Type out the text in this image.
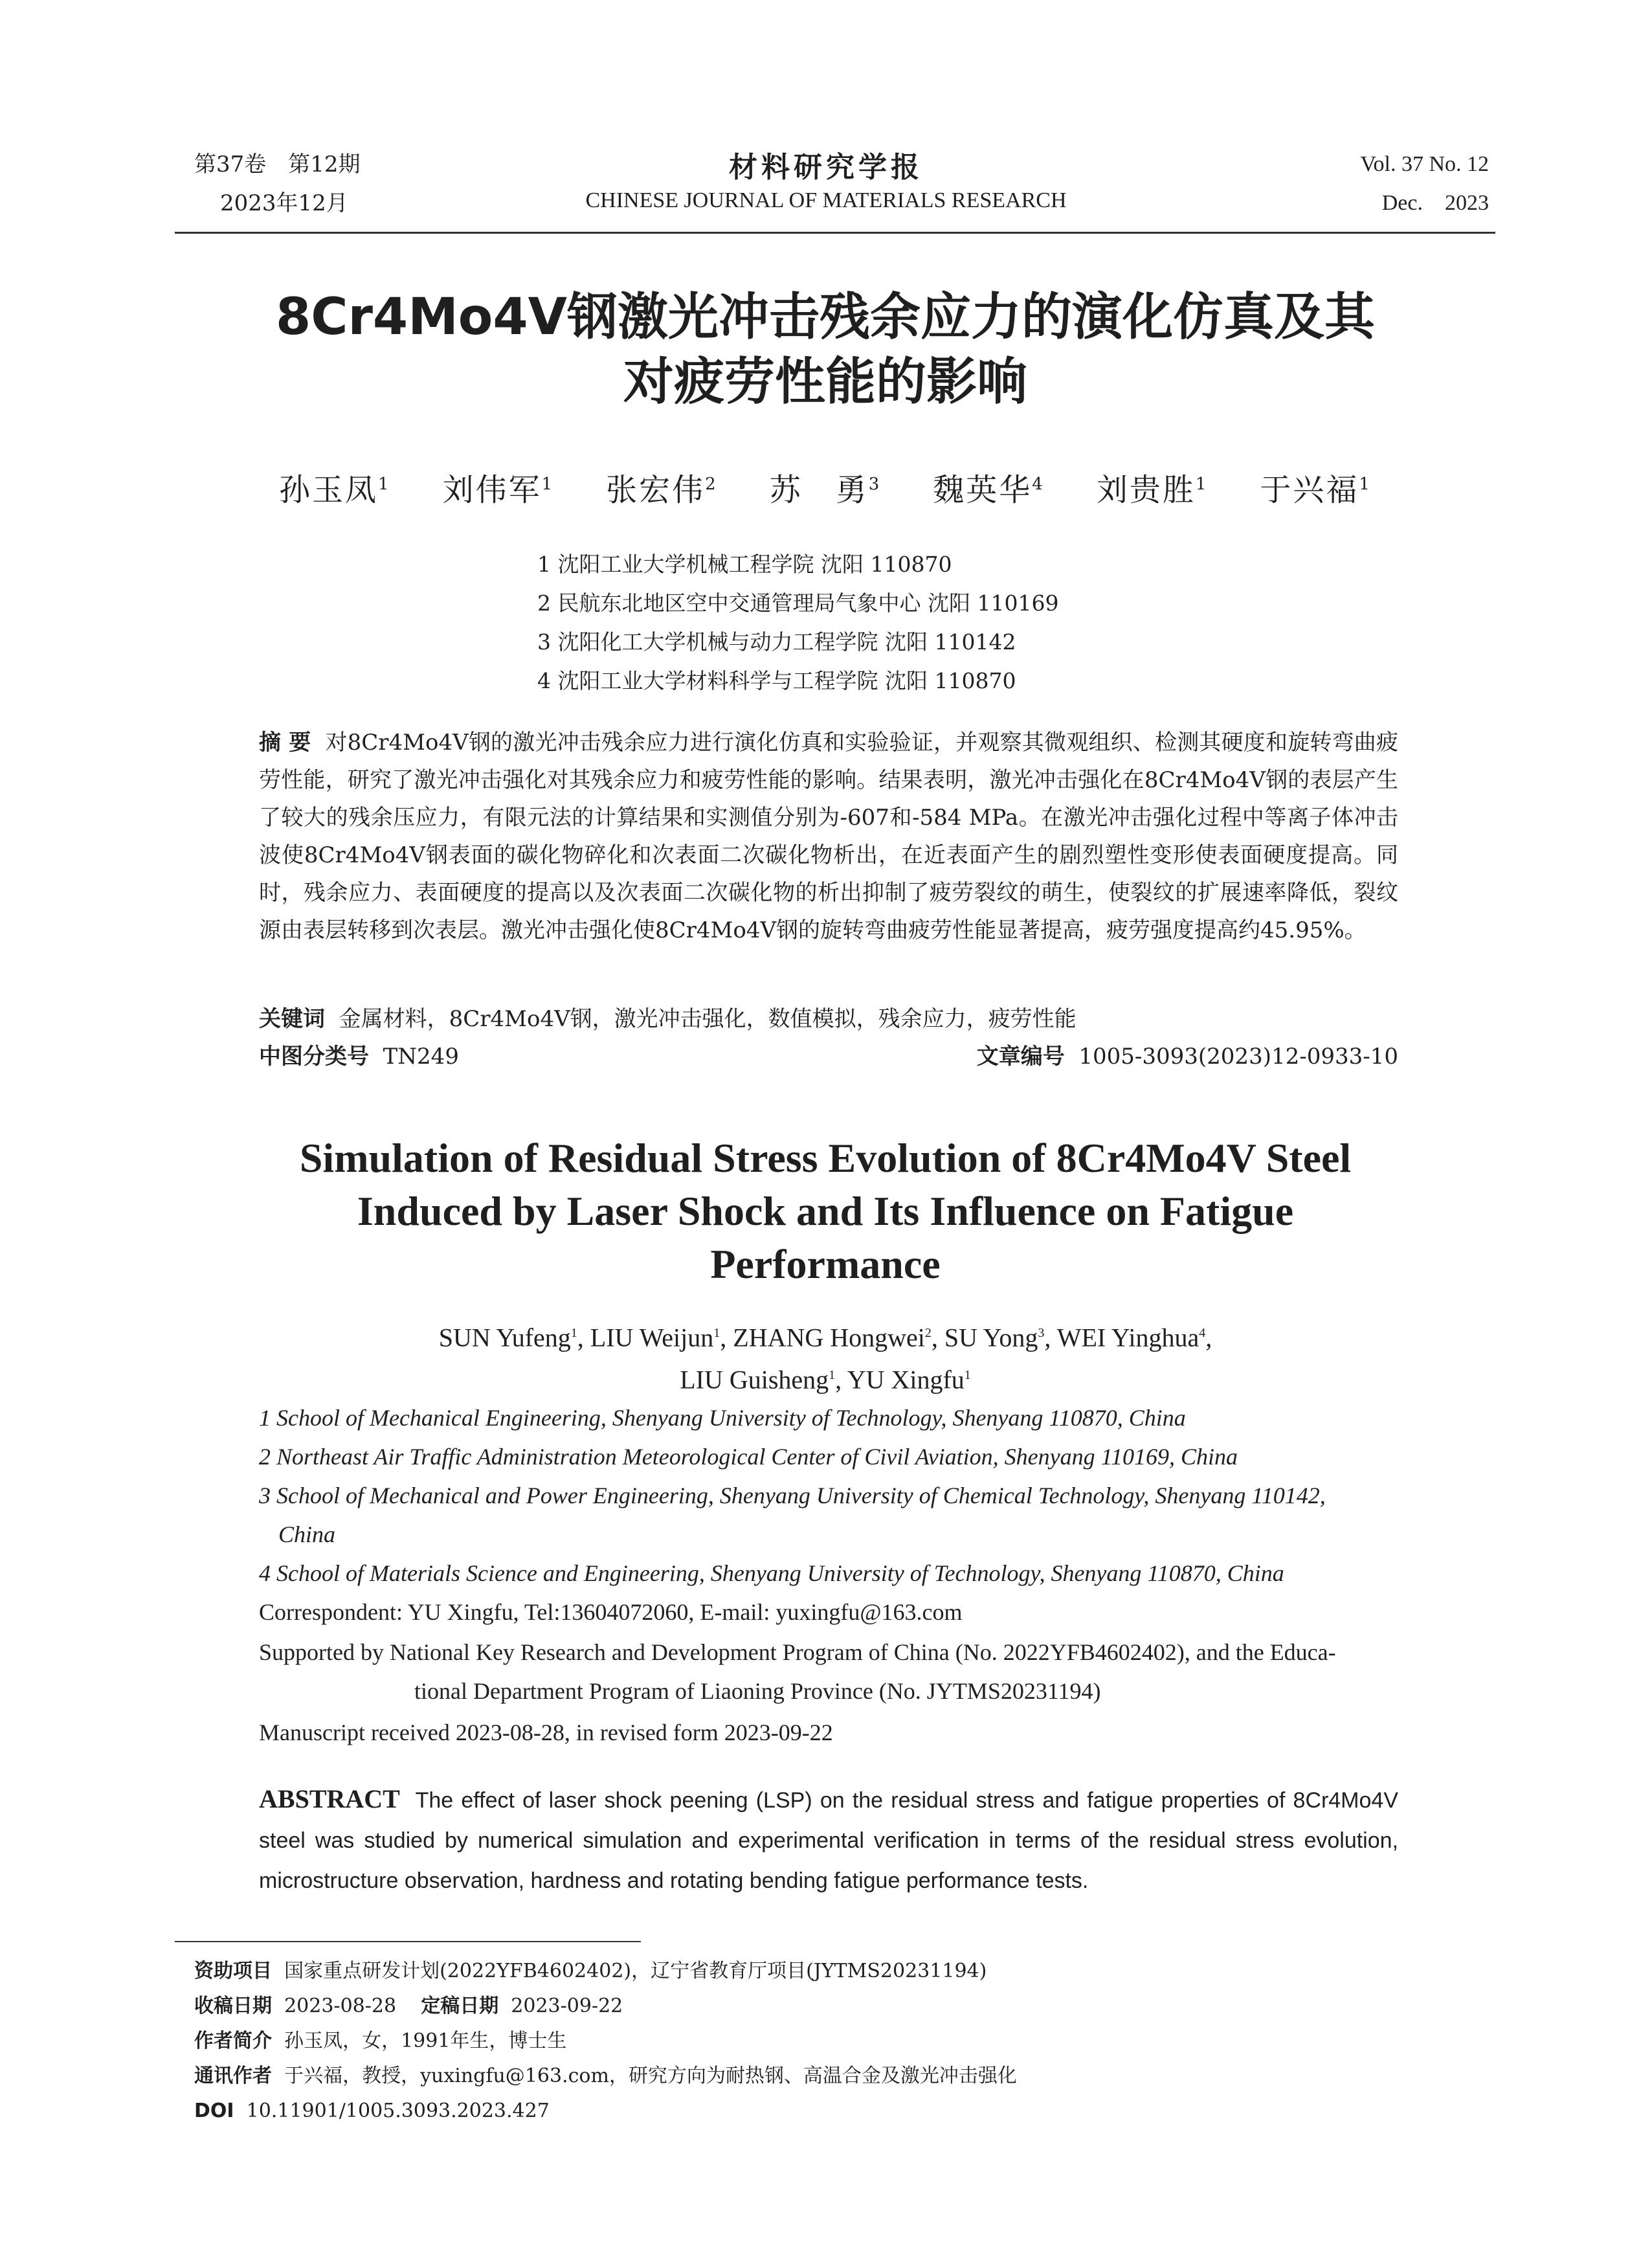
第37卷　第12期
2023年12月
材料研究学报
CHINESE JOURNAL OF MATERIALS RESEARCH
Vol. 37 No. 12
Dec.　2023
8Cr4Mo4V钢激光冲击残余应力的演化仿真及其
对疲劳性能的影响
孙玉凤$^1$ 刘伟军$^1$ 张宏伟$^2$ 苏　勇$^3$ 魏英华$^4$ 刘贵胜$^1$ 于兴福$^1$
1 沈阳工业大学机械工程学院 沈阳 110870
2 民航东北地区空中交通管理局气象中心 沈阳 110169
3 沈阳化工大学机械与动力工程学院 沈阳 110142
4 沈阳工业大学材料科学与工程学院 沈阳 110870
摘 要 对8Cr4Mo4V钢的激光冲击残余应力进行演化仿真和实验验证，并观察其微观组织、检测其硬度和旋转弯曲疲劳性能，研究了激光冲击强化对其残余应力和疲劳性能的影响。结果表明，激光冲击强化在8Cr4Mo4V钢的表层产生了较大的残余压应力，有限元法的计算结果和实测值分别为-607和-584 MPa。在激光冲击强化过程中等离子体冲击波使8Cr4Mo4V钢表面的碳化物碎化和次表面二次碳化物析出，在近表面产生的剧烈塑性变形使表面硬度提高。同时，残余应力、表面硬度的提高以及次表面二次碳化物的析出抑制了疲劳裂纹的萌生，使裂纹的扩展速率降低，裂纹源由表层转移到次表层。激光冲击强化使8Cr4Mo4V钢的旋转弯曲疲劳性能显著提高，疲劳强度提高约45.95%。
关键词 金属材料，8Cr4Mo4V钢，激光冲击强化，数值模拟，残余应力，疲劳性能
中图分类号 TN249	文章编号 1005-3093(2023)12-0933-10
Simulation of Residual Stress Evolution of 8Cr4Mo4V Steel
Induced by Laser Shock and Its Influence on Fatigue
Performance
SUN Yufeng$^1$, LIU Weijun$^1$, ZHANG Hongwei$^2$, SU Yong$^3$, WEI Yinghua$^4$,
LIU Guisheng$^1$, YU Xingfu$^1$
1 School of Mechanical Engineering, Shenyang University of Technology, Shenyang 110870, China
2 Northeast Air Traffic Administration Meteorological Center of Civil Aviation, Shenyang 110169, China
3 School of Mechanical and Power Engineering, Shenyang University of Chemical Technology, Shenyang 110142,
China
4 School of Materials Science and Engineering, Shenyang University of Technology, Shenyang 110870, China
Correspondent: YU Xingfu, Tel:13604072060, E-mail: yuxingfu@163.com
Supported by National Key Research and Development Program of China (No. 2022YFB4602402), and the Educa-
tional Department Program of Liaoning Province (No. JYTMS20231194)
Manuscript received 2023-08-28, in revised form 2023-09-22
ABSTRACT The effect of laser shock peening (LSP) on the residual stress and fatigue properties of 8Cr4Mo4V steel was studied by numerical simulation and experimental verification in terms of the residual stress evolution, microstructure observation, hardness and rotating bending fatigue performance tests.
资助项目 国家重点研发计划(2022YFB4602402)，辽宁省教育厅项目(JYTMS20231194)
收稿日期 2023-08-28 定稿日期 2023-09-22
作者简介 孙玉凤，女，1991年生，博士生
通讯作者 于兴福，教授，yuxingfu@163.com，研究方向为耐热钢、高温合金及激光冲击强化
DOI 10.11901/1005.3093.2023.427
